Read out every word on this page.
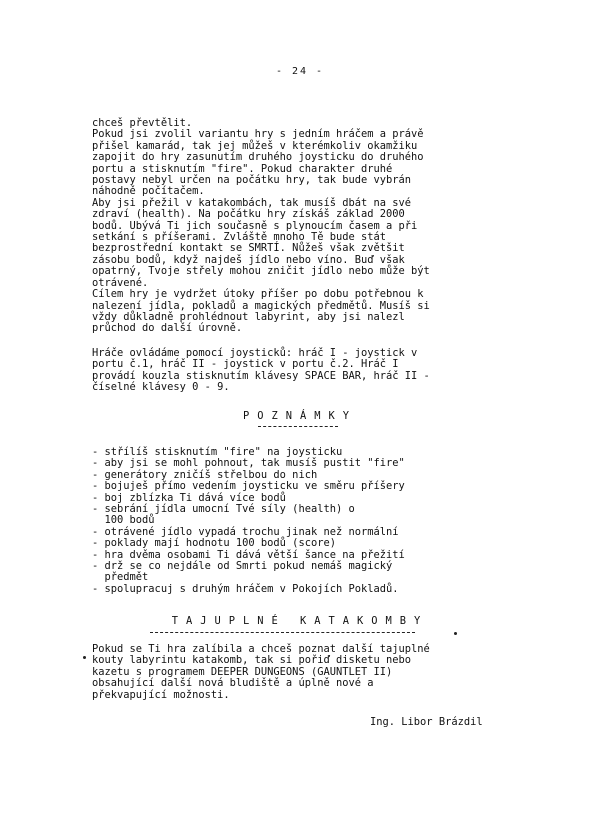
- 24 -
chceš převtělit.
Pokud jsi zvolil variantu hry s jedním hráčem a právě
přišel kamarád, tak jej můžeš v kterémkoliv okamžiku
zapojit do hry zasunutím druhého joysticku do druhého
portu a stisknutím "fire". Pokud charakter druhé
postavy nebyl určen na počátku hry, tak bude vybrán
náhodně počítačem.
Aby jsi přežil v katakombách, tak musíš dbát na své
zdraví (health). Na počátku hry získáš základ 2000
bodů. Ubývá Ti jich současně s plynoucím časem a při
setkání s příšerami. Zvláště mnoho Tě bude stát
bezprostřední kontakt se SMRTÍ. Nůžeš však zvětšit
zásobu bodů, když najdeš jídlo nebo víno. Buď však
opatrný, Tvoje střely mohou zničit jídlo nebo může být
otrávené.
Cílem hry je vydržet útoky příšer po dobu potřebnou k
nalezení jídla, pokladů a magických předmětů. Musíš si
vždy důkladně prohlédnout labyrint, aby jsi nalezl
průchod do další úrovně.
Hráče ovládáme pomocí joysticků: hráč I - joystick v
portu č.1, hráč II - joystick v portu č.2. Hráč I
provádí kouzla stisknutím klávesy SPACE BAR, hráč II -
číselné klávesy 0 - 9.
POZNÁMKY
- střílíš stisknutím "fire" na joysticku
- aby jsi se mohl pohnout, tak musíš pustit "fire"
- generátory zničíš střelbou do nich
- bojuješ přímo vedením joysticku ve směru příšery
- boj zblízka Ti dává více bodů
- sebrání jídla umocní Tvé síly (health) o
100 bodů
- otrávené jídlo vypadá trochu jinak než normální
- poklady mají hodnotu 100 bodů (score)
- hra dvěma osobami Ti dává větší šance na přežití
- drž se co nejdále od Smrti pokud nemáš magický
předmět
- spolupracuj s druhým hráčem v Pokojích Pokladů.
TAJUPLNÉ KATAKOMBY
Pokud se Ti hra zalíbila a chceš poznat další tajuplné
kouty labyrintu katakomb, tak si pořiď disketu nebo
kazetu s programem DEEPER DUNGEONS (GAUNTLET II)
obsahující další nová bludiště a úplně nové a
překvapující možnosti.
Ing. Libor Brázdil
